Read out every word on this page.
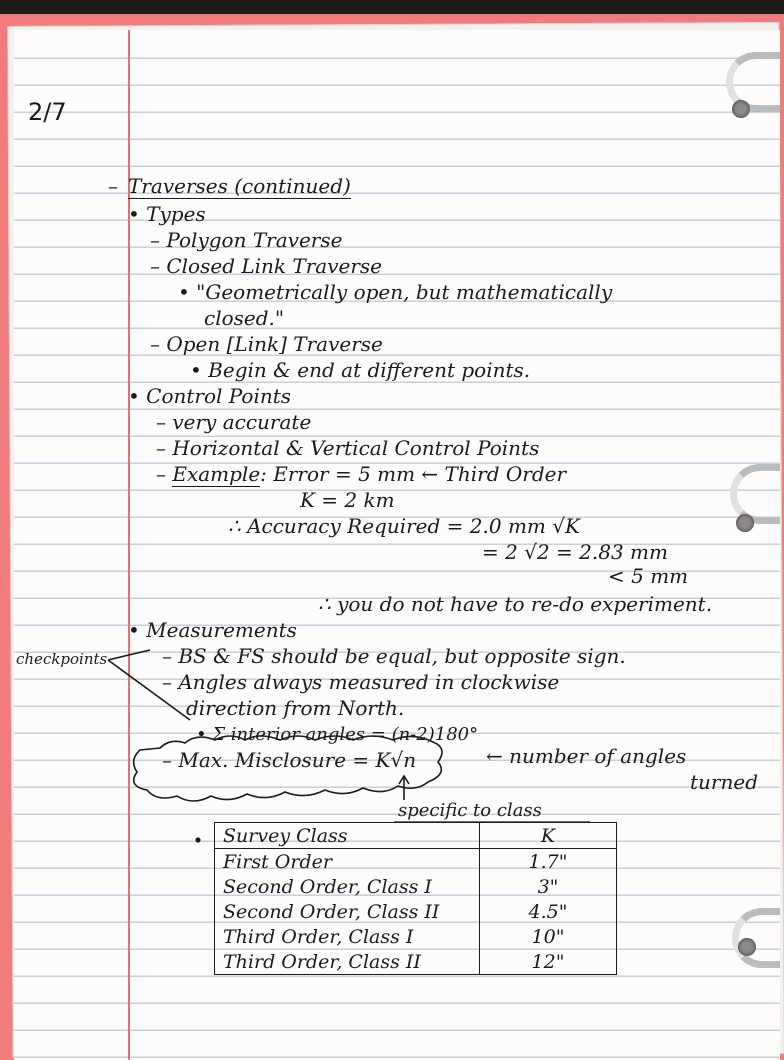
2/7
– Traverses (continued)
• Types
– Polygon Traverse
– Closed Link Traverse
• "Geometrically open, but mathematically
closed."
– Open [Link] Traverse
• Begin & end at different points.
• Control Points
– very accurate
– Horizontal & Vertical Control Points
– Example: Error = 5 mm ← Third Order
K = 2 km
∴ Accuracy Required = 2.0 mm √K
= 2 √2 = 2.83 mm
< 5 mm
∴ you do not have to re-do experiment.
• Measurements
– BS & FS should be equal, but opposite sign.
– Angles always measured in clockwise
direction from North.
• Σ interior angles = (n-2)180°
– Max. Misclosure = K√n	← number of angles
turned
specific to class
checkpoints
Survey Class	K
First Order	1.7"
Second Order, Class I	3"
Second Order, Class II	4.5"
Third Order, Class I	10"
Third Order, Class II	12"
